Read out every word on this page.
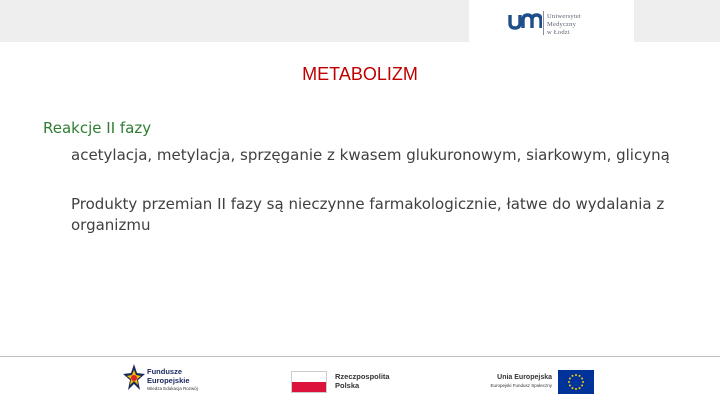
Uniwersytet
Medyczny
w Łodzi
METABOLIZM

Reakcje II fazy

acetylacja, metylacja, sprzęganie z kwasem glukuronowym, siarkowym, glicyną

Produkty przemian II fazy są nieczynne farmakologicznie, łatwe do wydalania z organizmu

Fundusze
Europejskie
Wiedza Edukacja Rozwój
Rzeczpospolita
Polska
Unia Europejska
Europejski Fundusz Społeczny
